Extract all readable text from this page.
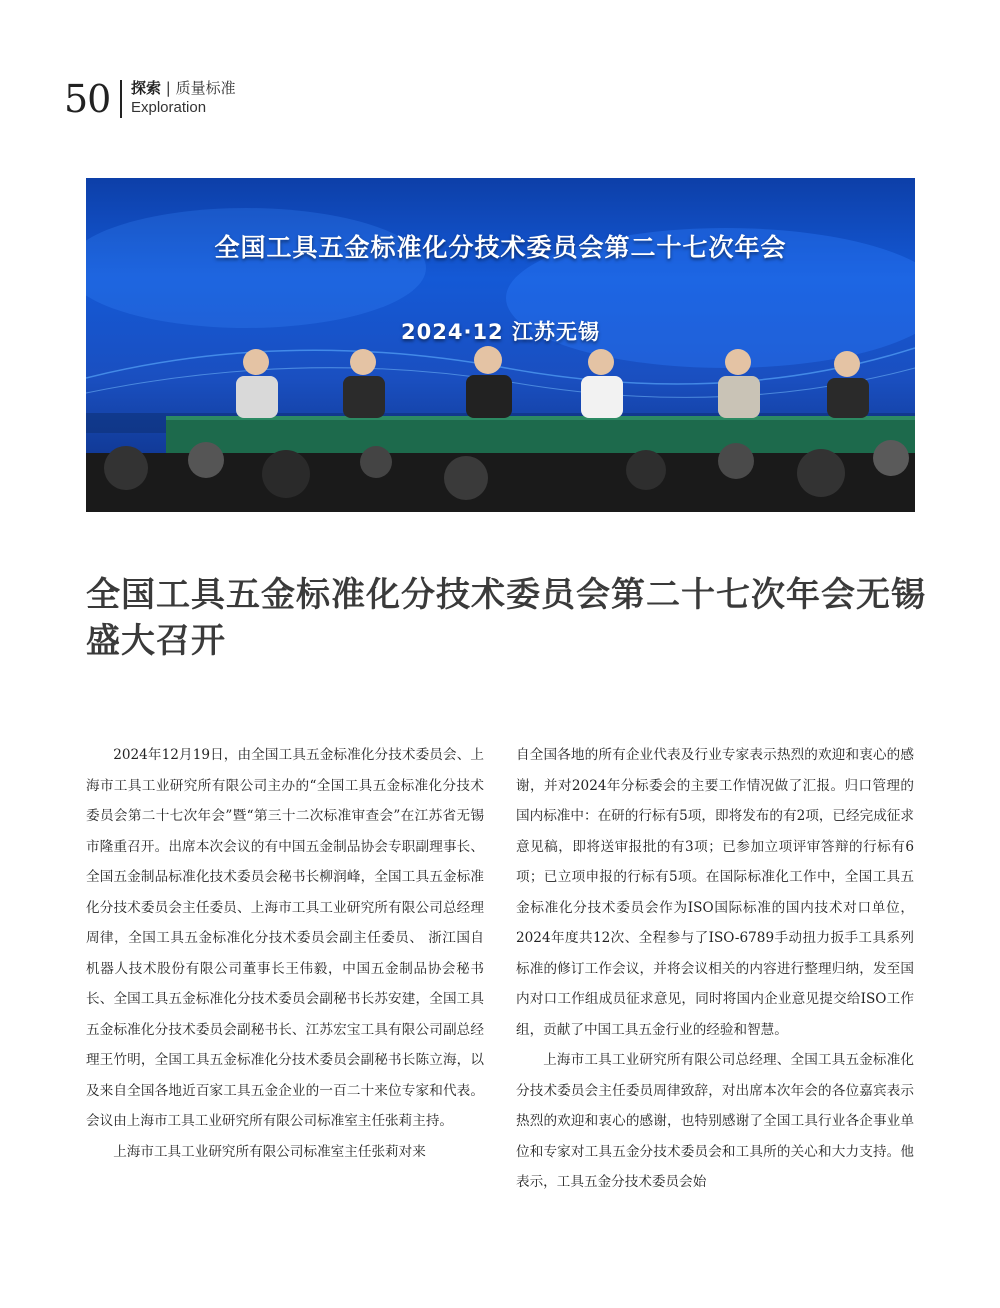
50 探索 | 质量标准
Exploration
全国工具五金标准化分技术委员会第二十七次年会
2024·12 江苏无锡
全国工具五金标准化分技术委员会第二十七次年会无锡盛大召开

2024年12月19日，由全国工具五金标准化分技术委员会、上海市工具工业研究所有限公司主办的“全国工具五金标准化分技术委员会第二十七次年会”暨“第三十二次标准审查会”在江苏省无锡市隆重召开。出席本次会议的有中国五金制品协会专职副理事长、全国五金制品标准化技术委员会秘书长柳润峰，全国工具五金标准化分技术委员会主任委员、上海市工具工业研究所有限公司总经理周律，全国工具五金标准化分技术委员会副主任委员、 浙江国自机器人技术股份有限公司董事长王伟毅，中国五金制品协会秘书长、全国工具五金标准化分技术委员会副秘书长苏安建，全国工具五金标准化分技术委员会副秘书长、江苏宏宝工具有限公司副总经理王竹明，全国工具五金标准化分技术委员会副秘书长陈立海，以及来自全国各地近百家工具五金企业的一百二十来位专家和代表。会议由上海市工具工业研究所有限公司标准室主任张莉主持。

上海市工具工业研究所有限公司标准室主任张莉对来

自全国各地的所有企业代表及行业专家表示热烈的欢迎和衷心的感谢，并对2024年分标委会的主要工作情况做了汇报。归口管理的国内标准中：在研的行标有5项，即将发布的有2项，已经完成征求意见稿，即将送审报批的有3项；已参加立项评审答辩的行标有6项；已立项申报的行标有5项。在国际标准化工作中，全国工具五金标准化分技术委员会作为ISO国际标准的国内技术对口单位，2024年度共12次、全程参与了ISO-6789手动扭力扳手工具系列标准的修订工作会议，并将会议相关的内容进行整理归纳，发至国内对口工作组成员征求意见，同时将国内企业意见提交给ISO工作组，贡献了中国工具五金行业的经验和智慧。

上海市工具工业研究所有限公司总经理、全国工具五金标准化分技术委员会主任委员周律致辞，对出席本次年会的各位嘉宾表示热烈的欢迎和衷心的感谢，也特别感谢了全国工具行业各企事业单位和专家对工具五金分技术委员会和工具所的关心和大力支持。他表示，工具五金分技术委员会始
